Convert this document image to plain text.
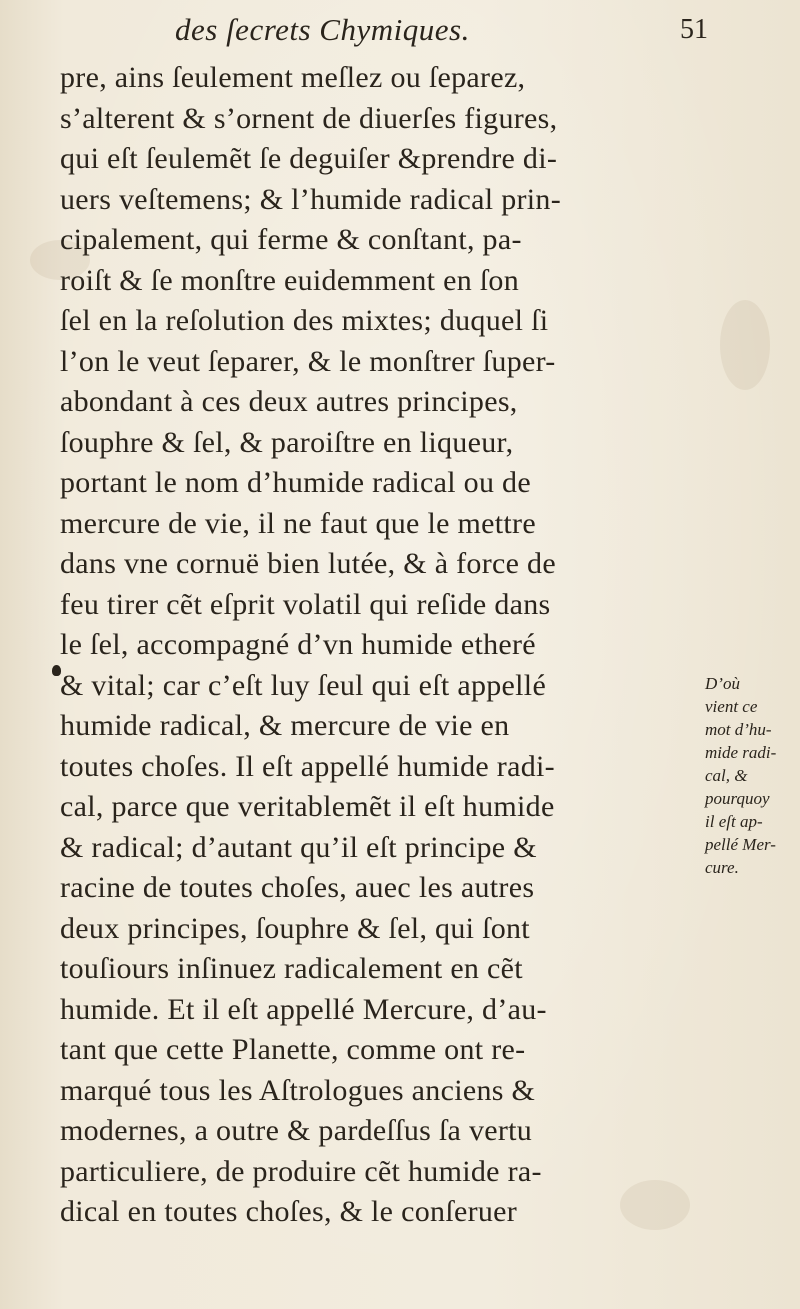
des ſecrets Chymiques.	51
pre, ains ſeulement meſlez ou ſeparez,
s’alterent & s’ornent de diuerſes figures,
qui eſt ſeulemẽt ſe deguiſer &prendre di-
uers veſtemens; & l’humide radical prin-
cipalement, qui ferme & conſtant, pa-
roiſt & ſe monſtre euidemment en ſon
ſel en la reſolution des mixtes; duquel ſi
l’on le veut ſeparer, & le monſtrer ſuper-
abondant à ces deux autres principes,
ſouphre & ſel, & paroiſtre en liqueur,
portant le nom d’humide radical ou de
mercure de vie, il ne faut que le mettre
dans vne cornuë bien lutée, & à force de
feu tirer cẽt eſprit volatil qui reſide dans
le ſel, accompagné d’vn humide etheré
& vital; car c’eſt luy ſeul qui eſt appellé
humide radical, & mercure de vie en
toutes choſes. Il eſt appellé humide radi-
cal, parce que veritablemẽt il eſt humide
& radical; d’autant qu’il eſt principe &
racine de toutes choſes, auec les autres
deux principes, ſouphre & ſel, qui ſont
touſiours inſinuez radicalement en cẽt
humide. Et il eſt appellé Mercure, d’au-
tant que cette Planette, comme ont re-
marqué tous les Aſtrologues anciens &
modernes, a outre & pardeſſus ſa vertu
particuliere, de produire cẽt humide ra-
dical en toutes choſes, & le conſeruer
D’où
vient ce
mot d’hu-
mide radi-
cal, &
pourquoy
il eſt ap-
pellé Mer-
cure.
